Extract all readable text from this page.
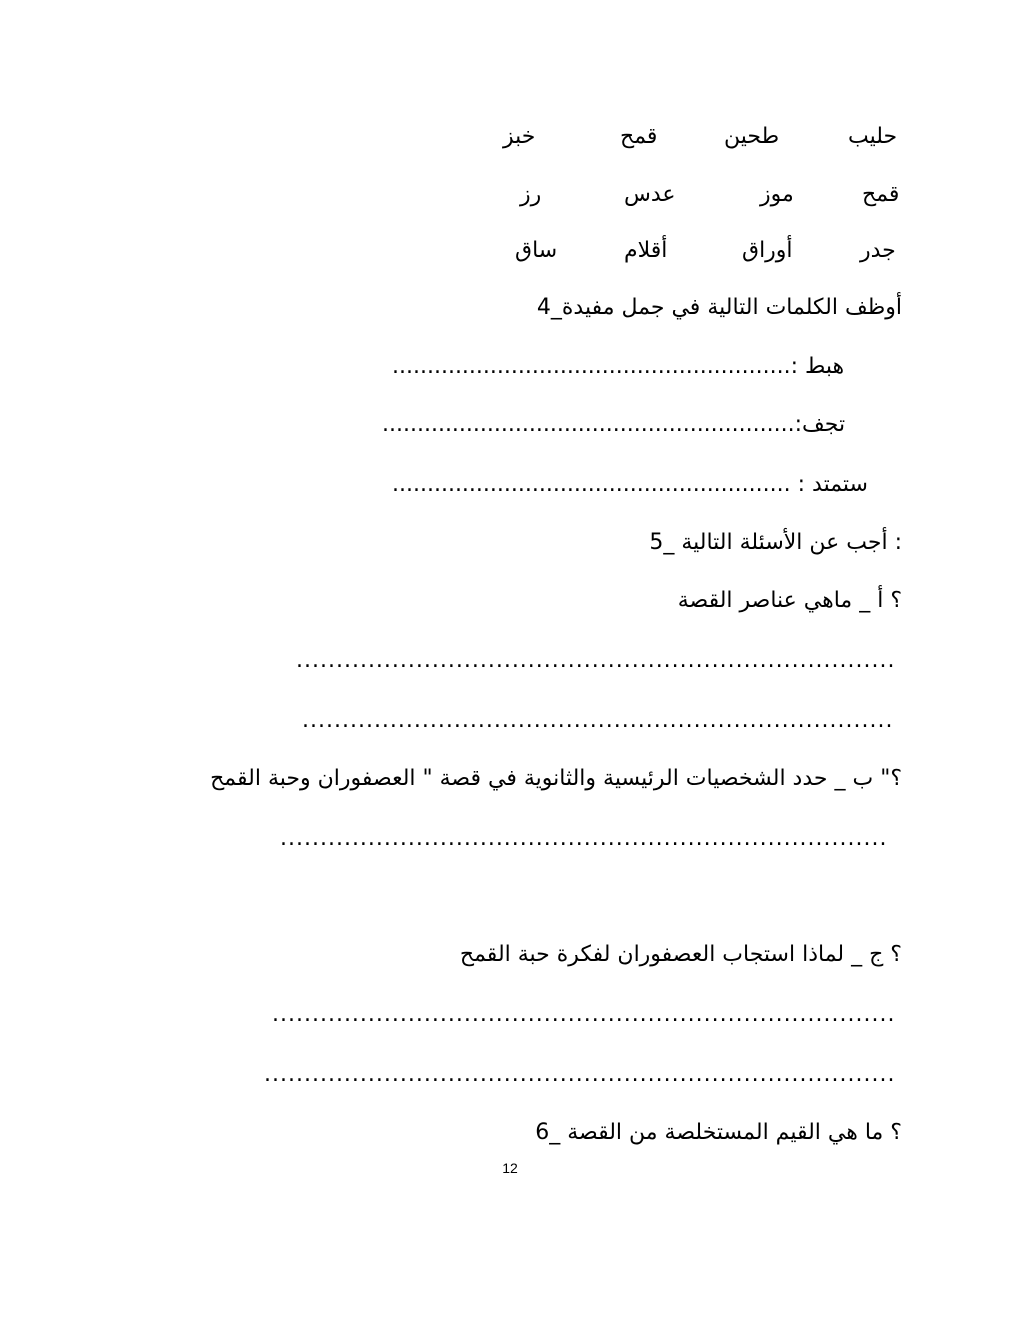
حليب
طحين
قمح
خبز
قمح
موز
عدس
رز
جدر
أوراق
أقلام
ساق
أوظف الكلمات التالية في جمل مفيدة_4
.........................................................: هبط
...........................................................:تجف
......................................................... : ستمتد
: أجب عن الأسئلة التالية _5
؟ أ _ ماهي عناصر القصة
...........................................................................
..........................................................................
؟" ب _ حدد الشخصيات الرئيسية والثانوية في قصة " العصفوران وحبة القمح
............................................................................
؟ ج _ لماذا استجاب العصفوران لفكرة حبة القمح
..............................................................................
...............................................................................
؟ ما هي القيم المستخلصة من القصة _6
12
